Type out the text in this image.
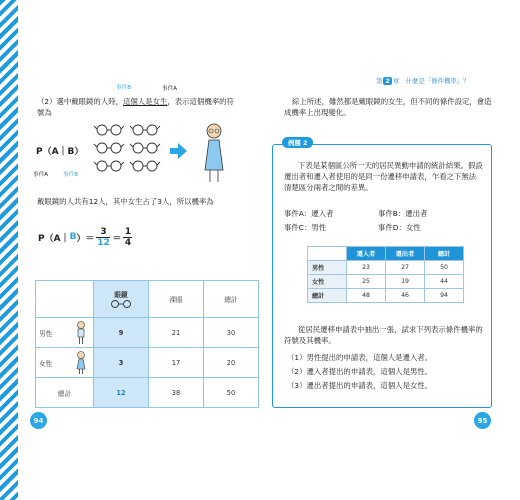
（2）選中戴眼鏡的人時，這個人是女生，表示這個機率的符
號為
事件B	事件A
P（A｜B）
事件A	事件B
戴眼鏡的人共有12人，其中女生占了3人，所以機率為
P（A｜ B ）＝
3
12 ＝
1
4

	眼鏡	裸眼	總計
男性	9	21	30
女性	3	17	20
總計	12	38	50
94
第 2 章　什麼是「條件機率」？
綜上所述，雖然都是戴眼鏡的女生，但不同的條件設定，會造
成機率上出現變化。
例題 2
下表是某個區公所一天的居民異動申請的統計結果。假設
遷出者和遷入者使用的是同一份遷移申請表，乍看之下無法
清楚區分兩者之間的差異。
事件A：遷入者	事件B：遷出者
事件C：男性	事件D：女性
	遷入者	遷出者	總計
男性	23	27	50
女性	25	19	44
總計	48	46	94
從居民遷移申請表中抽出一張，試求下列表示條件機率的
符號及其機率。
（1）男性提出的申請表，這個人是遷入者。
（2）遷入者提出的申請表，這個人是男性。
（3）遷出者提出的申請表，這個人是女性。
95
